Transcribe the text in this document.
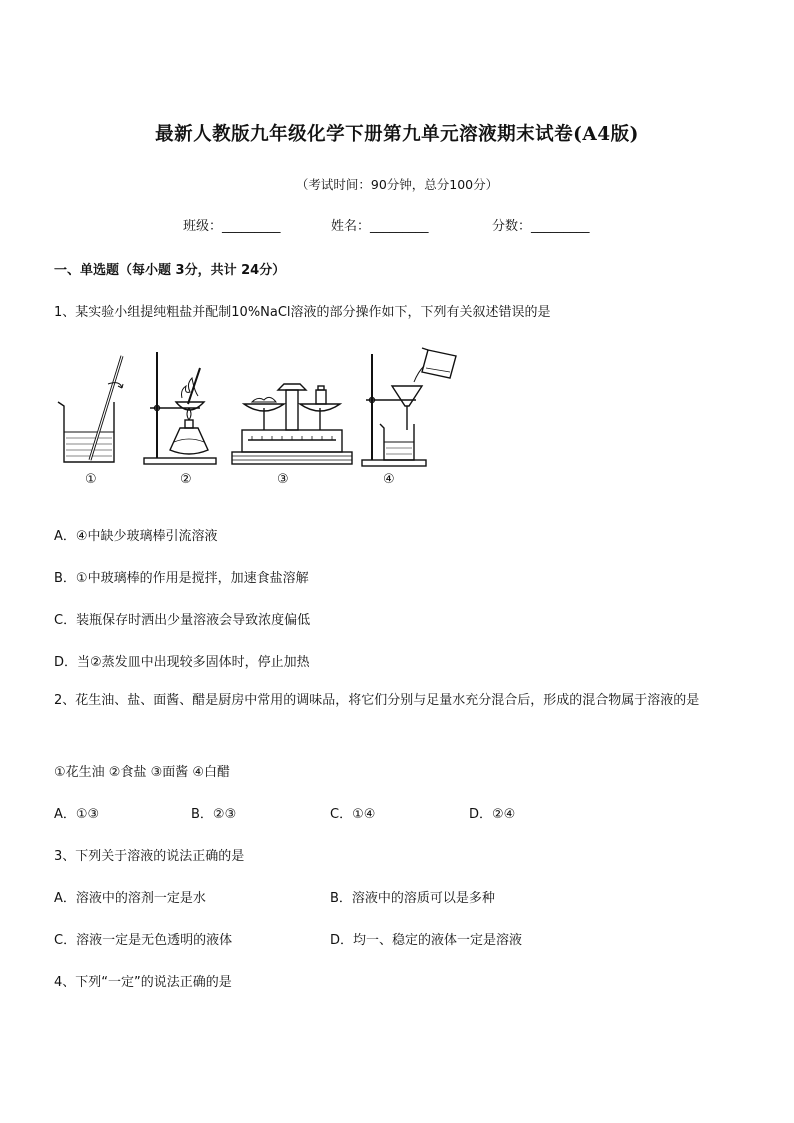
最新人教版九年级化学下册第九单元溶液期末试卷(A4版)
（考试时间：90分钟，总分100分）
班级：_________	姓名：_________	分数：_________
一、单选题（每小题 3分，共计 24分）
1、某实验小组提纯粗盐并配制10%NaCl溶液的部分操作如下，下列有关叙述错误的是
①	②	③	④
A．④中缺少玻璃棒引流溶液
B．①中玻璃棒的作用是搅拌，加速食盐溶解
C．装瓶保存时洒出少量溶液会导致浓度偏低
D．当②蒸发皿中出现较多固体时，停止加热
2、花生油、盐、面酱、醋是厨房中常用的调味品，将它们分别与足量水充分混合后，形成的混合物属于溶液的是
①花生油 ②食盐 ③面酱 ④白醋
A．①③	B．②③	C．①④	D．②④
3、下列关于溶液的说法正确的是
A．溶液中的溶剂一定是水	B．溶液中的溶质可以是多种
C．溶液一定是无色透明的液体	D．均一、稳定的液体一定是溶液
4、下列“一定”的说法正确的是
